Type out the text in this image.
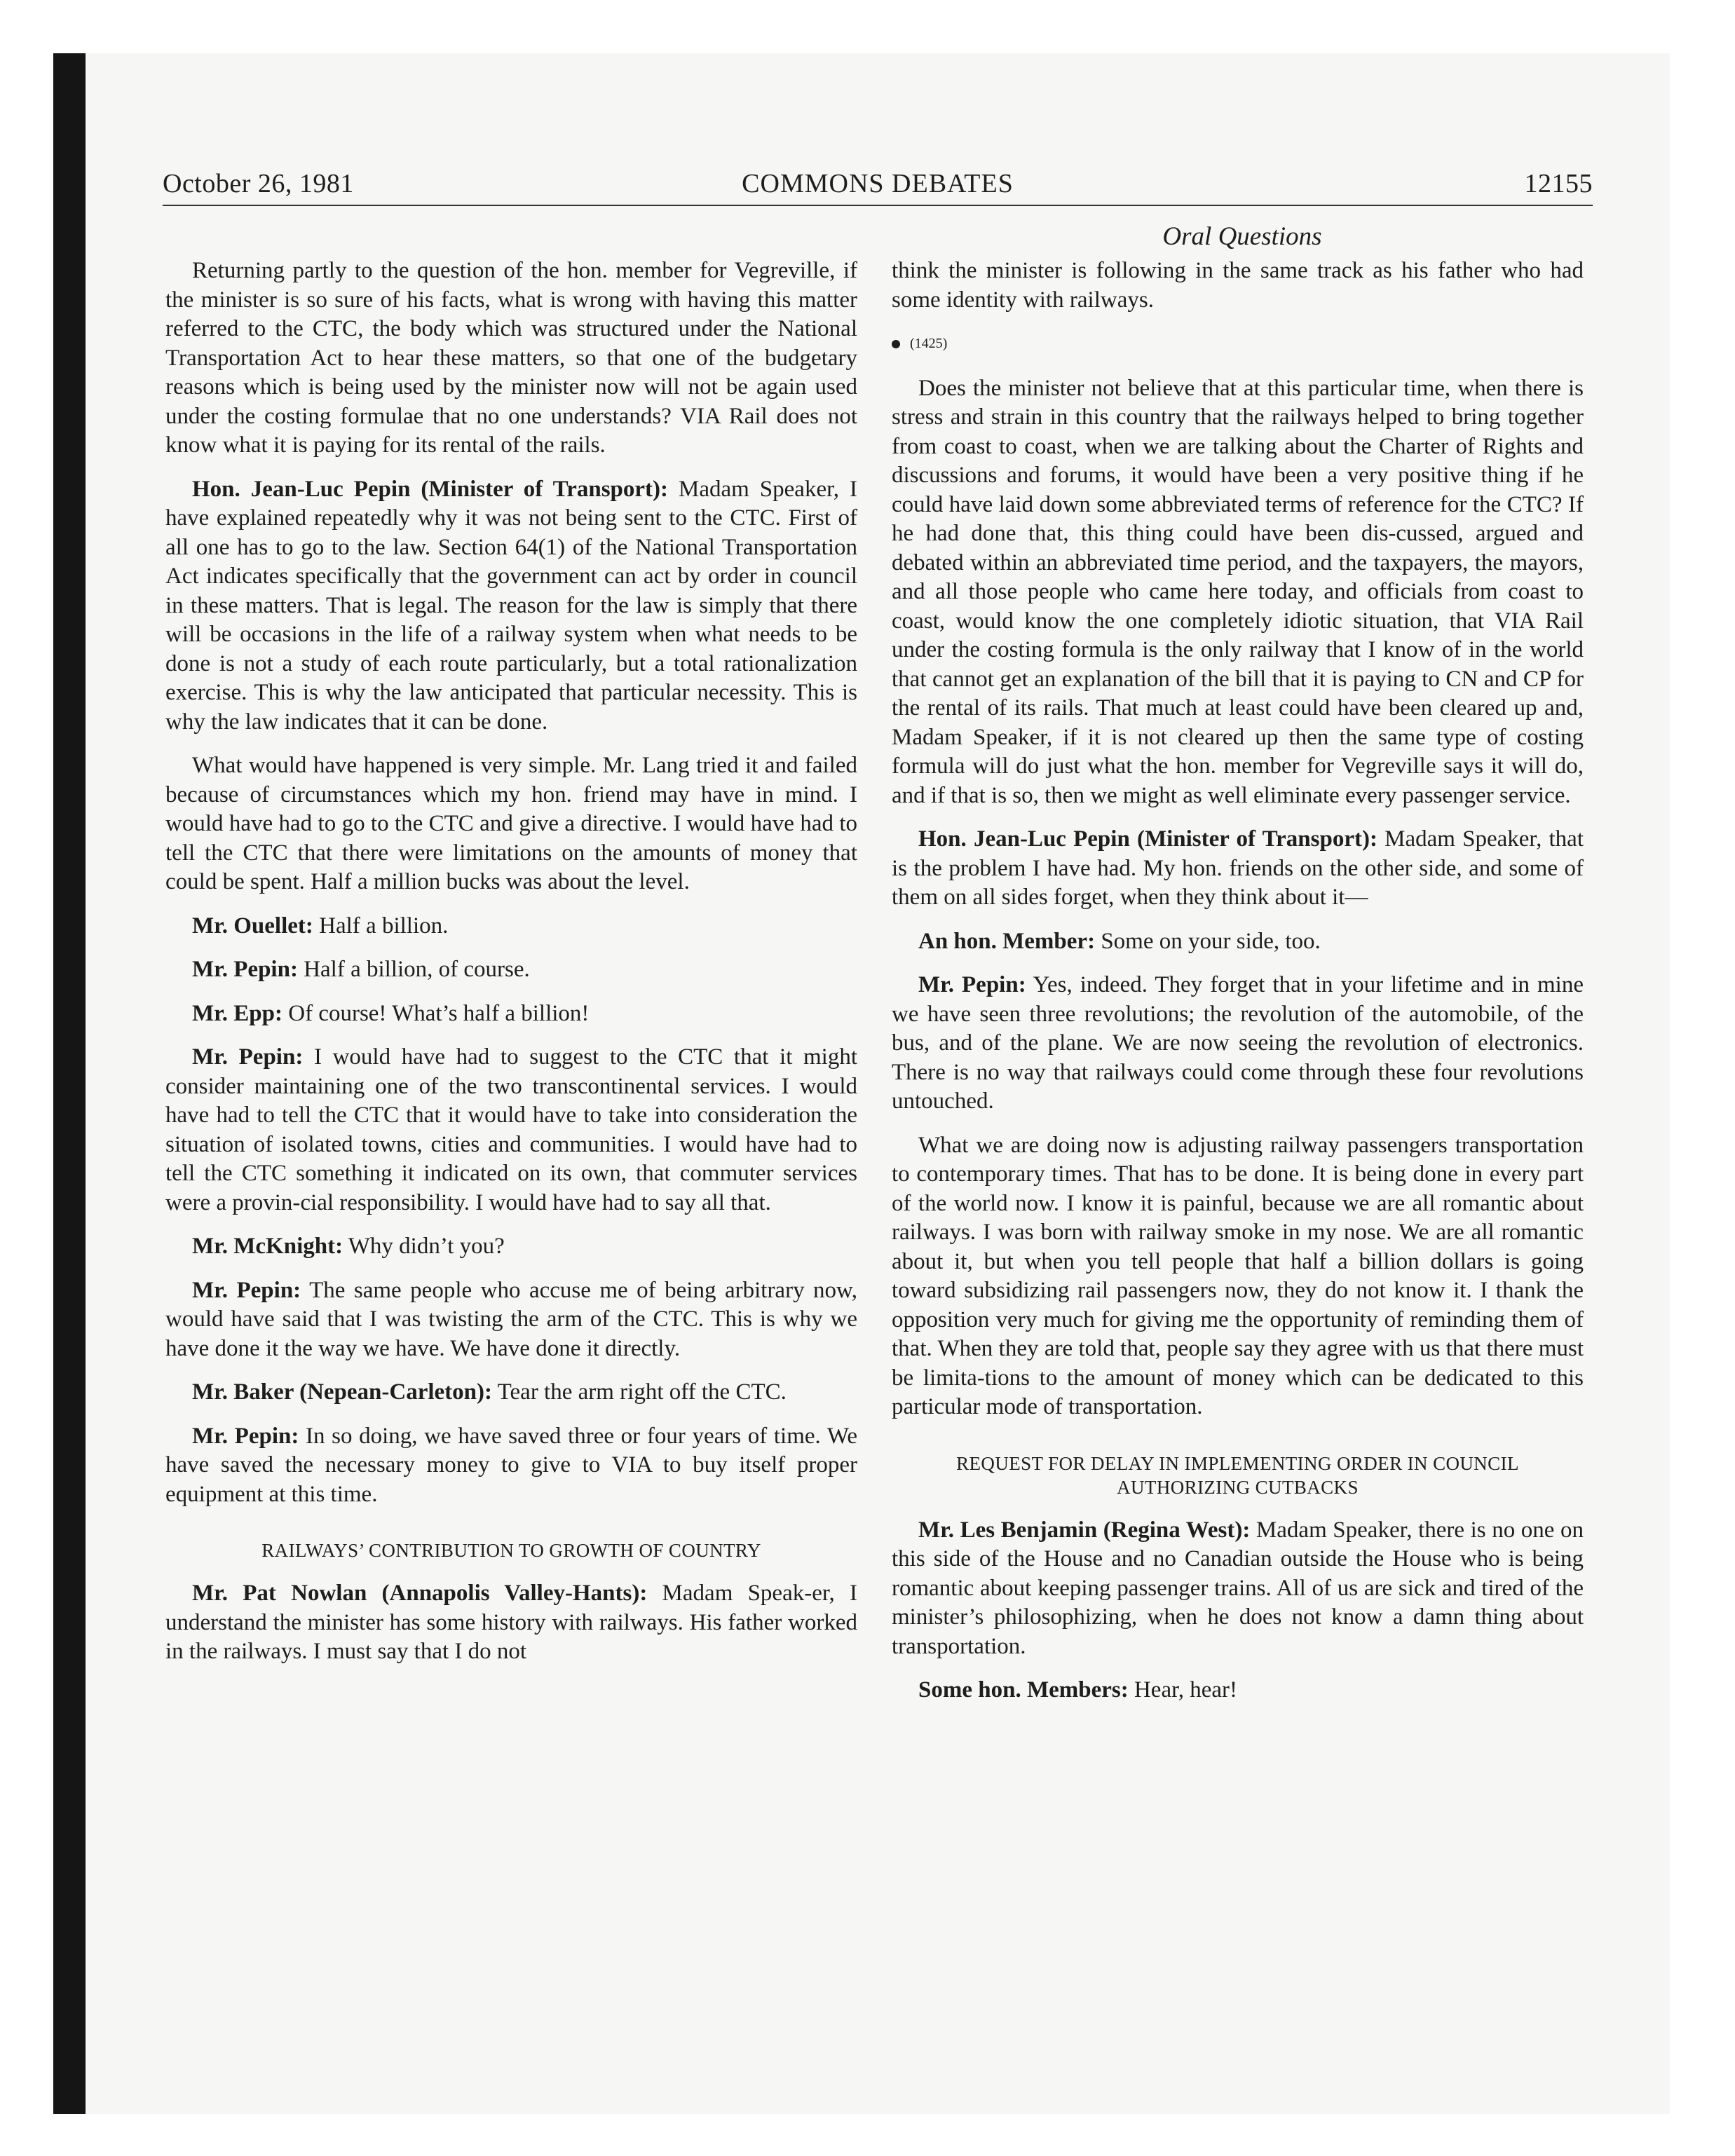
October 26, 1981	COMMONS DEBATES	12155
Oral Questions

Returning partly to the question of the hon. member for Vegreville, if the minister is so sure of his facts, what is wrong with having this matter referred to the CTC, the body which was structured under the National Transportation Act to hear these matters, so that one of the budgetary reasons which is being used by the minister now will not be again used under the costing formulae that no one understands? VIA Rail does not know what it is paying for its rental of the rails.

Hon. Jean-Luc Pepin (Minister of Transport): Madam Speaker, I have explained repeatedly why it was not being sent to the CTC. First of all one has to go to the law. Section 64(1) of the National Transportation Act indicates specifically that the government can act by order in council in these matters. That is legal. The reason for the law is simply that there will be occasions in the life of a railway system when what needs to be done is not a study of each route particularly, but a total rationalization exercise. This is why the law anticipated that particular necessity. This is why the law indicates that it can be done.

What would have happened is very simple. Mr. Lang tried it and failed because of circumstances which my hon. friend may have in mind. I would have had to go to the CTC and give a directive. I would have had to tell the CTC that there were limitations on the amounts of money that could be spent. Half a million bucks was about the level.

Mr. Ouellet: Half a billion.

Mr. Pepin: Half a billion, of course.

Mr. Epp: Of course! What’s half a billion!

Mr. Pepin: I would have had to suggest to the CTC that it might consider maintaining one of the two transcontinental services. I would have had to tell the CTC that it would have to take into consideration the situation of isolated towns, cities and communities. I would have had to tell the CTC something it indicated on its own, that commuter services were a provin-cial responsibility. I would have had to say all that.

Mr. McKnight: Why didn’t you?

Mr. Pepin: The same people who accuse me of being arbitrary now, would have said that I was twisting the arm of the CTC. This is why we have done it the way we have. We have done it directly.

Mr. Baker (Nepean-Carleton): Tear the arm right off the CTC.

Mr. Pepin: In so doing, we have saved three or four years of time. We have saved the necessary money to give to VIA to buy itself proper equipment at this time.

RAILWAYS’ CONTRIBUTION TO GROWTH OF COUNTRY

Mr. Pat Nowlan (Annapolis Valley-Hants): Madam Speak-er, I understand the minister has some history with railways. His father worked in the railways. I must say that I do not

think the minister is following in the same track as his father who had some identity with railways.

(1425)

Does the minister not believe that at this particular time, when there is stress and strain in this country that the railways helped to bring together from coast to coast, when we are talking about the Charter of Rights and discussions and forums, it would have been a very positive thing if he could have laid down some abbreviated terms of reference for the CTC? If he had done that, this thing could have been dis-cussed, argued and debated within an abbreviated time period, and the taxpayers, the mayors, and all those people who came here today, and officials from coast to coast, would know the one completely idiotic situation, that VIA Rail under the costing formula is the only railway that I know of in the world that cannot get an explanation of the bill that it is paying to CN and CP for the rental of its rails. That much at least could have been cleared up and, Madam Speaker, if it is not cleared up then the same type of costing formula will do just what the hon. member for Vegreville says it will do, and if that is so, then we might as well eliminate every passenger service.

Hon. Jean-Luc Pepin (Minister of Transport): Madam Speaker, that is the problem I have had. My hon. friends on the other side, and some of them on all sides forget, when they think about it—

An hon. Member: Some on your side, too.

Mr. Pepin: Yes, indeed. They forget that in your lifetime and in mine we have seen three revolutions; the revolution of the automobile, of the bus, and of the plane. We are now seeing the revolution of electronics. There is no way that railways could come through these four revolutions untouched.

What we are doing now is adjusting railway passengers transportation to contemporary times. That has to be done. It is being done in every part of the world now. I know it is painful, because we are all romantic about railways. I was born with railway smoke in my nose. We are all romantic about it, but when you tell people that half a billion dollars is going toward subsidizing rail passengers now, they do not know it. I thank the opposition very much for giving me the opportunity of reminding them of that. When they are told that, people say they agree with us that there must be limita-tions to the amount of money which can be dedicated to this particular mode of transportation.

REQUEST FOR DELAY IN IMPLEMENTING ORDER IN COUNCIL AUTHORIZING CUTBACKS

Mr. Les Benjamin (Regina West): Madam Speaker, there is no one on this side of the House and no Canadian outside the House who is being romantic about keeping passenger trains. All of us are sick and tired of the minister’s philosophizing, when he does not know a damn thing about transportation.

Some hon. Members: Hear, hear!
